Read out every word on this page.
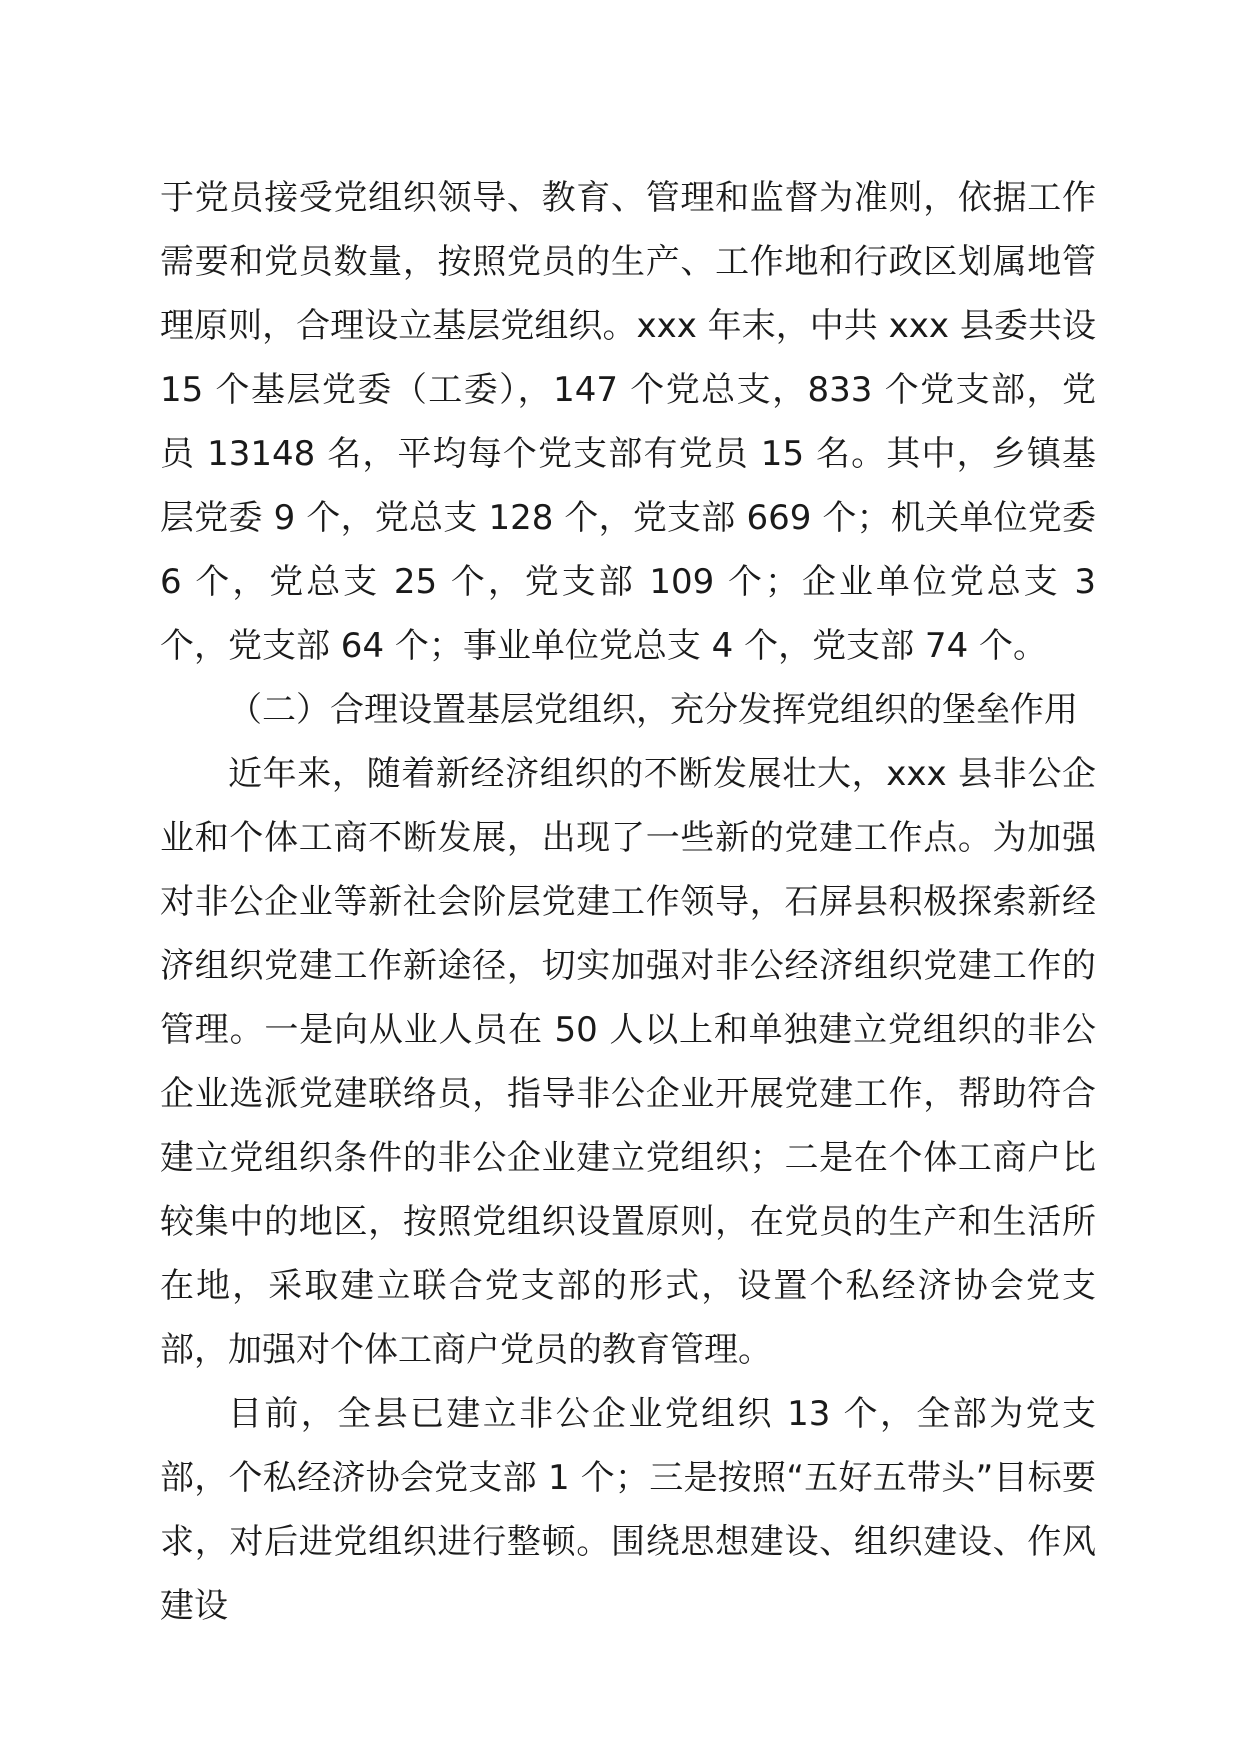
于党员接受党组织领导、教育、管理和监督为准则，依据工作需要和党员数量，按照党员的生产、工作地和行政区划属地管理原则，合理设立基层党组织。xxx 年末，中共 xxx 县委共设 15 个基层党委（工委），147 个党总支，833 个党支部，党员 13148 名，平均每个党支部有党员 15 名。其中，乡镇基层党委 9 个，党总支 128 个，党支部 669 个；机关单位党委 6 个，党总支 25 个，党支部 109 个；企业单位党总支 3 个，党支部 64 个；事业单位党总支 4 个，党支部 74 个。

（二）合理设置基层党组织，充分发挥党组织的堡垒作用

近年来，随着新经济组织的不断发展壮大，xxx 县非公企业和个体工商不断发展，出现了一些新的党建工作点。为加强对非公企业等新社会阶层党建工作领导，石屏县积极探索新经济组织党建工作新途径，切实加强对非公经济组织党建工作的管理。一是向从业人员在 50 人以上和单独建立党组织的非公企业选派党建联络员，指导非公企业开展党建工作，帮助符合建立党组织条件的非公企业建立党组织；二是在个体工商户比较集中的地区，按照党组织设置原则，在党员的生产和生活所在地，采取建立联合党支部的形式，设置个私经济协会党支部，加强对个体工商户党员的教育管理。

目前，全县已建立非公企业党组织 13 个，全部为党支部，个私经济协会党支部 1 个；三是按照“五好五带头”目标要求，对后进党组织进行整顿。围绕思想建设、组织建设、作风建设
